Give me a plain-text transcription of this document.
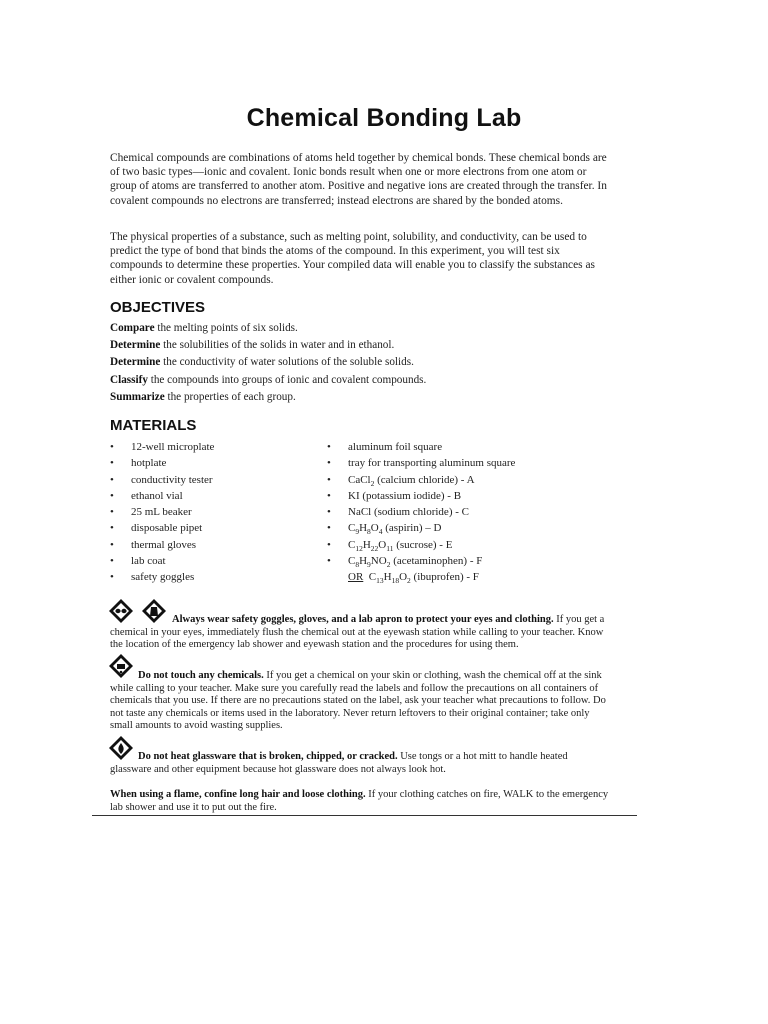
Chemical Bonding Lab

Chemical compounds are combinations of atoms held together by chemical bonds. These chemical bonds are of two basic types—ionic and covalent. Ionic bonds result when one or more electrons from one atom or group of atoms are transferred to another atom. Positive and negative ions are created through the transfer. In covalent compounds no electrons are transferred; instead electrons are shared by the bonded atoms.

The physical properties of a substance, such as melting point, solubility, and conductivity, can be used to predict the type of bond that binds the atoms of the compound. In this experiment, you will test six compounds to determine these properties. Your compiled data will enable you to classify the substances as either ionic or covalent compounds.

OBJECTIVES
Compare the melting points of six solids.
Determine the solubilities of the solids in water and in ethanol.
Determine the conductivity of water solutions of the soluble solids.
Classify the compounds into groups of ionic and covalent compounds.
Summarize the properties of each group.
MATERIALS
• 12-well microplate
• hotplate
• conductivity tester
• ethanol vial
• 25 mL beaker
• disposable pipet
• thermal gloves
• lab coat
• safety goggles
• aluminum foil square
• tray for transporting aluminum square
• CaCl$_2$ (calcium chloride) - A
• KI (potassium iodide) - B
• NaCl (sodium chloride) - C
• $C_9H_8O_4$ (aspirin) – D
• $C_{12}H_{22}O_{11}$ (sucrose) - E
• $C_8H_9NO_2$ (acetaminophen) - F
OR $C_{13}H_{18}O_2$ (ibuprofen) - F

Always wear safety goggles, gloves, and a lab apron to protect your eyes and clothing. If you get a chemical in your eyes, immediately flush the chemical out at the eyewash station while calling to your teacher. Know the location of the emergency lab shower and eyewash station and the procedures for using them.

Do not touch any chemicals. If you get a chemical on your skin or clothing, wash the chemical off at the sink while calling to your teacher. Make sure you carefully read the labels and follow the precautions on all containers of chemicals that you use. If there are no precautions stated on the label, ask your teacher what precautions to follow. Do not taste any chemicals or items used in the laboratory. Never return leftovers to their original container; take only small amounts to avoid wasting supplies.

Do not heat glassware that is broken, chipped, or cracked. Use tongs or a hot mitt to handle heated glassware and other equipment because hot glassware does not always look hot.

When using a flame, confine long hair and loose clothing. If your clothing catches on fire, WALK to the emergency lab shower and use it to put out the fire.
